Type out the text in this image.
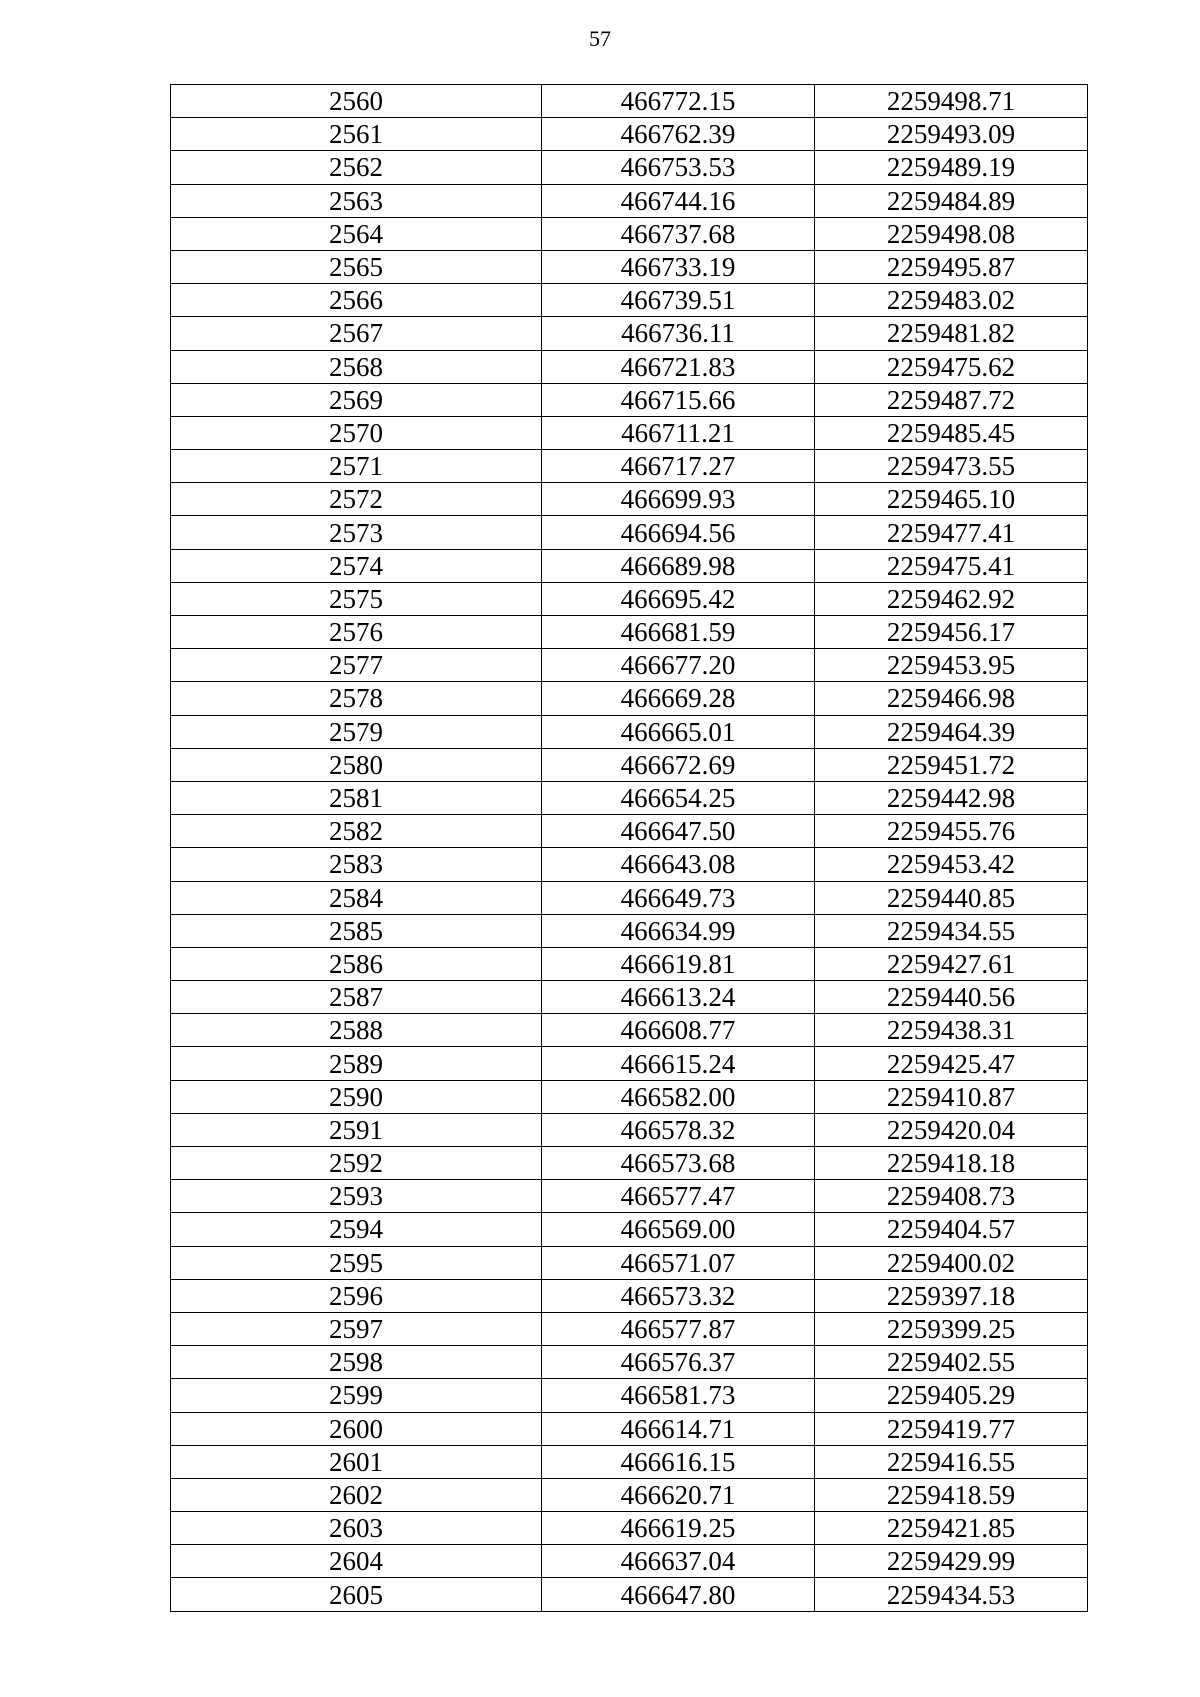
57
2560	466772.15	2259498.71
2561	466762.39	2259493.09
2562	466753.53	2259489.19
2563	466744.16	2259484.89
2564	466737.68	2259498.08
2565	466733.19	2259495.87
2566	466739.51	2259483.02
2567	466736.11	2259481.82
2568	466721.83	2259475.62
2569	466715.66	2259487.72
2570	466711.21	2259485.45
2571	466717.27	2259473.55
2572	466699.93	2259465.10
2573	466694.56	2259477.41
2574	466689.98	2259475.41
2575	466695.42	2259462.92
2576	466681.59	2259456.17
2577	466677.20	2259453.95
2578	466669.28	2259466.98
2579	466665.01	2259464.39
2580	466672.69	2259451.72
2581	466654.25	2259442.98
2582	466647.50	2259455.76
2583	466643.08	2259453.42
2584	466649.73	2259440.85
2585	466634.99	2259434.55
2586	466619.81	2259427.61
2587	466613.24	2259440.56
2588	466608.77	2259438.31
2589	466615.24	2259425.47
2590	466582.00	2259410.87
2591	466578.32	2259420.04
2592	466573.68	2259418.18
2593	466577.47	2259408.73
2594	466569.00	2259404.57
2595	466571.07	2259400.02
2596	466573.32	2259397.18
2597	466577.87	2259399.25
2598	466576.37	2259402.55
2599	466581.73	2259405.29
2600	466614.71	2259419.77
2601	466616.15	2259416.55
2602	466620.71	2259418.59
2603	466619.25	2259421.85
2604	466637.04	2259429.99
2605	466647.80	2259434.53
